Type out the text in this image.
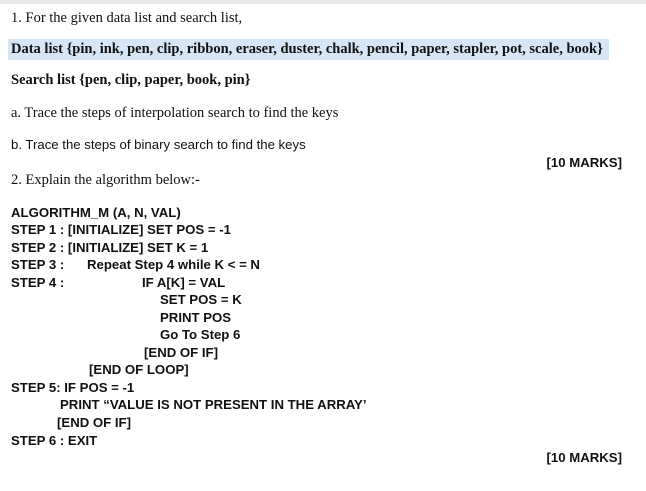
1. For the given data list and search list,
Data list {pin, ink, pen, clip, ribbon, eraser, duster, chalk, pencil, paper, stapler, pot, scale, book}
Search list {pen, clip, paper, book, pin}
a. Trace the steps of interpolation search to find the keys
b. Trace the steps of binary search to find the keys
[10 MARKS]
2. Explain the algorithm below:-
ALGORITHM_M (A, N, VAL)
STEP 1 : [INITIALIZE] SET POS = -1
STEP 2 : [INITIALIZE] SET K = 1
STEP 3 : Repeat Step 4 while K < = N
STEP 4 :	IF A[K] = VAL
SET POS = K
PRINT POS
Go To Step 6
[END OF IF]
[END OF LOOP]
STEP 5: IF POS = -1
PRINT “VALUE IS NOT PRESENT IN THE ARRAY’
[END OF IF]
STEP 6 : EXIT
[10 MARKS]
